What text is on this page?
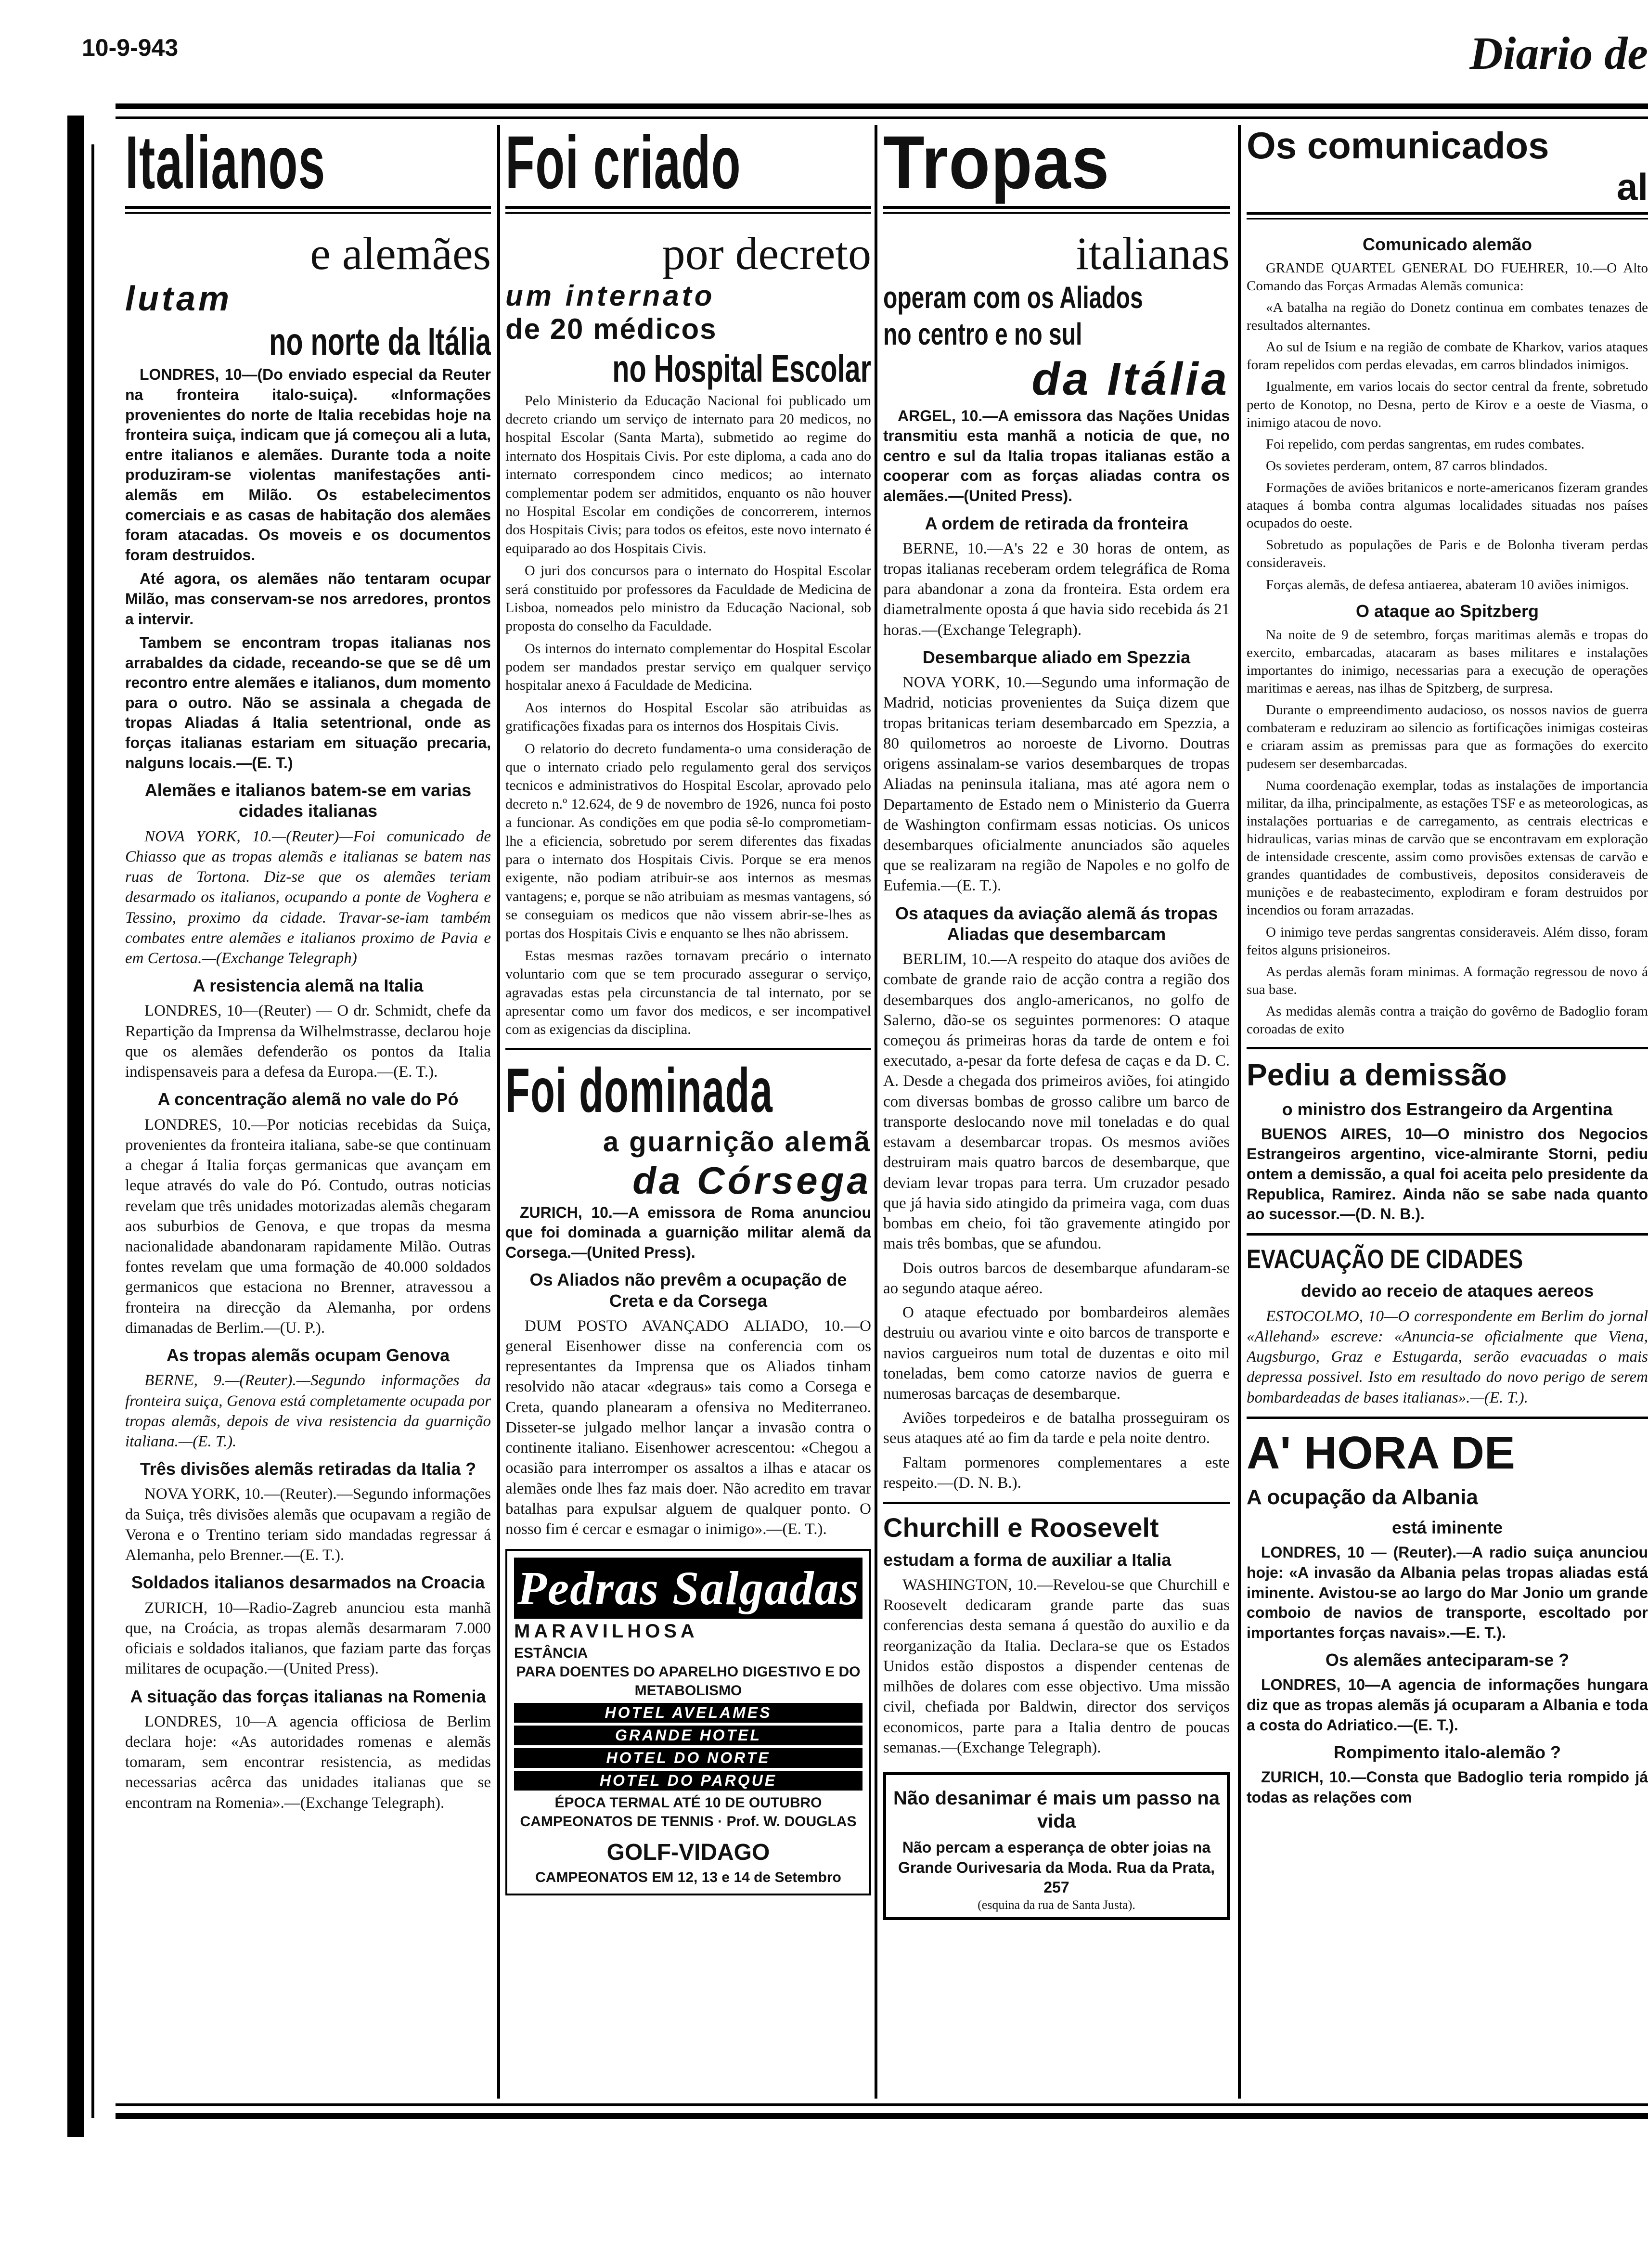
10-9-943	Diario de
Italianos
e alemães
lutam
no norte da Itália

LONDRES, 10—(Do enviado especial da Reuter na fronteira italo-suiça). «Informações provenientes do norte de Italia recebidas hoje na fronteira suiça, indicam que já começou ali a luta, entre italianos e alemães. Durante toda a noite produziram-se violentas manifestações anti-alemãs em Milão. Os estabelecimentos comerciais e as casas de habitação dos alemães foram atacadas. Os moveis e os documentos foram destruidos.

Até agora, os alemães não tentaram ocupar Milão, mas conservam-se nos arredores, prontos a intervir.

Tambem se encontram tropas italianas nos arrabaldes da cidade, receando-se que se dê um recontro entre alemães e italianos, dum momento para o outro. Não se assinala a chegada de tropas Aliadas á Italia setentrional, onde as forças italianas estariam em situação precaria, nalguns locais.—(E. T.)

Alemães e italianos batem-se em varias cidades italianas

NOVA YORK, 10.—(Reuter)—Foi comunicado de Chiasso que as tropas alemãs e italianas se batem nas ruas de Tortona. Diz-se que os alemães teriam desarmado os italianos, ocupando a ponte de Voghera e Tessino, proximo da cidade. Travar-se-iam também combates entre alemães e italianos proximo de Pavia e em Certosa.—(Exchange Telegraph)

A resistencia alemã na Italia

LONDRES, 10—(Reuter) — O dr. Schmidt, chefe da Repartição da Imprensa da Wilhelmstrasse, declarou hoje que os alemães defenderão os pontos da Italia indispensaveis para a defesa da Europa.—(E. T.).

A concentração alemã no vale do Pó

LONDRES, 10.—Por noticias recebidas da Suiça, provenientes da fronteira italiana, sabe-se que continuam a chegar á Italia forças germanicas que avançam em leque através do vale do Pó. Contudo, outras noticias revelam que três unidades motorizadas alemãs chegaram aos suburbios de Genova, e que tropas da mesma nacionalidade abandonaram rapidamente Milão. Outras fontes revelam que uma formação de 40.000 soldados germanicos que estaciona no Brenner, atravessou a fronteira na direcção da Alemanha, por ordens dimanadas de Berlim.—(U. P.).

As tropas alemãs ocupam Genova

BERNE, 9.—(Reuter).—Segundo informações da fronteira suiça, Genova está completamente ocupada por tropas alemãs, depois de viva resistencia da guarnição italiana.—(E. T.).

Três divisões alemãs retiradas da Italia ?

NOVA YORK, 10.—(Reuter).—Segundo informações da Suiça, três divisões alemãs que ocupavam a região de Verona e o Trentino teriam sido mandadas regressar á Alemanha, pelo Brenner.—(E. T.).

Soldados italianos desarmados na Croacia

ZURICH, 10—Radio-Zagreb anunciou esta manhã que, na Croácia, as tropas alemãs desarmaram 7.000 oficiais e soldados italianos, que faziam parte das forças militares de ocupação.—(United Press).

A situação das forças italianas na Romenia

LONDRES, 10—A agencia officiosa de Berlim declara hoje: «As autoridades romenas e alemãs tomaram, sem encontrar resistencia, as medidas necessarias acêrca das unidades italianas que se encontram na Romenia».—(Exchange Telegraph).

Foi criado
por decreto
um internato
de 20 médicos
no Hospital Escolar

Pelo Ministerio da Educação Nacional foi publicado um decreto criando um serviço de internato para 20 medicos, no hospital Escolar (Santa Marta), submetido ao regime do internato dos Hospitais Civis. Por este diploma, a cada ano do internato correspondem cinco medicos; ao internato complementar podem ser admitidos, enquanto os não houver no Hospital Escolar em condições de concorrerem, internos dos Hospitais Civis; para todos os efeitos, este novo internato é equiparado ao dos Hospitais Civis.

O juri dos concursos para o internato do Hospital Escolar será constituido por professores da Faculdade de Medicina de Lisboa, nomeados pelo ministro da Educação Nacional, sob proposta do conselho da Faculdade.

Os internos do internato complementar do Hospital Escolar podem ser mandados prestar serviço em qualquer serviço hospitalar anexo á Faculdade de Medicina.

Aos internos do Hospital Escolar são atribuidas as gratificações fixadas para os internos dos Hospitais Civis.

O relatorio do decreto fundamenta-o uma consideração de que o internato criado pelo regulamento geral dos serviços tecnicos e administrativos do Hospital Escolar, aprovado pelo decreto n.º 12.624, de 9 de novembro de 1926, nunca foi posto a funcionar. As condições em que podia sê-lo comprometiam-lhe a eficiencia, sobretudo por serem diferentes das fixadas para o internato dos Hospitais Civis. Porque se era menos exigente, não podiam atribuir-se aos internos as mesmas vantagens; e, porque se não atribuiam as mesmas vantagens, só se conseguiam os medicos que não vissem abrir-se-lhes as portas dos Hospitais Civis e enquanto se lhes não abrissem.

Estas mesmas razões tornavam precário o internato voluntario com que se tem procurado assegurar o serviço, agravadas estas pela circunstancia de tal internato, por se apresentar como um favor dos medicos, e ser incompativel com as exigencias da disciplina.

Foi dominada
a guarnição alemã
da Córsega

ZURICH, 10.—A emissora de Roma anunciou que foi dominada a guarnição militar alemã da Corsega.—(United Press).

Os Aliados não prevêm a ocupação de Creta e da Corsega

DUM POSTO AVANÇADO ALIADO, 10.—O general Eisenhower disse na conferencia com os representantes da Imprensa que os Aliados tinham resolvido não atacar «degraus» tais como a Corsega e Creta, quando planearam a ofensiva no Mediterraneo. Disseter-se julgado melhor lançar a invasão contra o continente italiano. Eisenhower acrescentou: «Chegou a ocasião para interromper os assaltos a ilhas e atacar os alemães onde lhes faz mais doer. Não acredito em travar batalhas para expulsar alguem de qualquer ponto. O nosso fim é cercar e esmagar o inimigo».—(E. T.).

Pedras Salgadas
MARAVILHOSA
ESTÂNCIA
PARA DOENTES DO APARELHO DIGESTIVO E DO METABOLISMO
HOTEL AVELAMES
GRANDE HOTEL
HOTEL DO NORTE
HOTEL DO PARQUE
ÉPOCA TERMAL ATÉ 10 DE OUTUBRO
CAMPEONATOS DE TENNIS · Prof. W. DOUGLAS
GOLF-VIDAGO
CAMPEONATOS EM 12, 13 e 14 de Setembro
Tropas
italianas
operam com os Aliados
no centro e no sul
da Itália

ARGEL, 10.—A emissora das Nações Unidas transmitiu esta manhã a noticia de que, no centro e sul da Italia tropas italianas estão a cooperar com as forças aliadas contra os alemães.—(United Press).

A ordem de retirada da fronteira

BERNE, 10.—A's 22 e 30 horas de ontem, as tropas italianas receberam ordem telegráfica de Roma para abandonar a zona da fronteira. Esta ordem era diametralmente oposta á que havia sido recebida ás 21 horas.—(Exchange Telegraph).

Desembarque aliado em Spezzia

NOVA YORK, 10.—Segundo uma informação de Madrid, noticias provenientes da Suiça dizem que tropas britanicas teriam desembarcado em Spezzia, a 80 quilometros ao noroeste de Livorno. Doutras origens assinalam-se varios desembarques de tropas Aliadas na peninsula italiana, mas até agora nem o Departamento de Estado nem o Ministerio da Guerra de Washington confirmam essas noticias. Os unicos desembarques oficialmente anunciados são aqueles que se realizaram na região de Napoles e no golfo de Eufemia.—(E. T.).

Os ataques da aviação alemã ás tropas Aliadas que desembarcam

BERLIM, 10.—A respeito do ataque dos aviões de combate de grande raio de acção contra a região dos desembarques dos anglo-americanos, no golfo de Salerno, dão-se os seguintes pormenores: O ataque começou ás primeiras horas da tarde de ontem e foi executado, a-pesar da forte defesa de caças e da D. C. A. Desde a chegada dos primeiros aviões, foi atingido com diversas bombas de grosso calibre um barco de transporte deslocando nove mil toneladas e do qual estavam a desembarcar tropas. Os mesmos aviões destruiram mais quatro barcos de desembarque, que deviam levar tropas para terra. Um cruzador pesado que já havia sido atingido da primeira vaga, com duas bombas em cheio, foi tão gravemente atingido por mais três bombas, que se afundou.

Dois outros barcos de desembarque afundaram-se ao segundo ataque aéreo.

O ataque efectuado por bombardeiros alemães destruiu ou avariou vinte e oito barcos de transporte e navios cargueiros num total de duzentas e oito mil toneladas, bem como catorze navios de guerra e numerosas barcaças de desembarque.

Aviões torpedeiros e de batalha prosseguiram os seus ataques até ao fim da tarde e pela noite dentro.

Faltam pormenores complementares a este respeito.—(D. N. B.).

Churchill e Roosevelt
estudam a forma de auxiliar a Italia

WASHINGTON, 10.—Revelou-se que Churchill e Roosevelt dedicaram grande parte das suas conferencias desta semana á questão do auxilio e da reorganização da Italia. Declara-se que os Estados Unidos estão dispostos a dispender centenas de milhões de dolares com esse objectivo. Uma missão civil, chefiada por Baldwin, director dos serviços economicos, parte para a Italia dentro de poucas semanas.—(Exchange Telegraph).

Não desanimar é mais um passo na vida
Não percam a esperança de obter joias na Grande Ourivesaria da Moda. Rua da Prata, 257
(esquina da rua de Santa Justa).
Os comunicados
al
Comunicado alemão

GRANDE QUARTEL GENERAL DO FUEHRER, 10.—O Alto Comando das Forças Armadas Alemãs comunica:

«A batalha na região do Donetz continua em combates tenazes de resultados alternantes.

Ao sul de Isium e na região de combate de Kharkov, varios ataques foram repelidos com perdas elevadas, em carros blindados inimigos.

Igualmente, em varios locais do sector central da frente, sobretudo perto de Konotop, no Desna, perto de Kirov e a oeste de Viasma, o inimigo atacou de novo.

Foi repelido, com perdas sangrentas, em rudes combates.

Os sovietes perderam, ontem, 87 carros blindados.

Formações de aviões britanicos e norte-americanos fizeram grandes ataques á bomba contra algumas localidades situadas nos países ocupados do oeste.

Sobretudo as populações de Paris e de Bolonha tiveram perdas consideraveis.

Forças alemãs, de defesa antiaerea, abateram 10 aviões inimigos.

O ataque ao Spitzberg

Na noite de 9 de setembro, forças maritimas alemãs e tropas do exercito, embarcadas, atacaram as bases militares e instalações importantes do inimigo, necessarias para a execução de operações maritimas e aereas, nas ilhas de Spitzberg, de surpresa.

Durante o empreendimento audacioso, os nossos navios de guerra combateram e reduziram ao silencio as fortificações inimigas costeiras e criaram assim as premissas para que as formações do exercito pudesem ser desembarcadas.

Numa coordenação exemplar, todas as instalações de importancia militar, da ilha, principalmente, as estações TSF e as meteorologicas, as instalações portuarias e de carregamento, as centrais electricas e hidraulicas, varias minas de carvão que se encontravam em exploração de intensidade crescente, assim como provisões extensas de carvão e grandes quantidades de combustiveis, depositos consideraveis de munições e de reabastecimento, explodiram e foram destruidos por incendios ou foram arrazadas.

O inimigo teve perdas sangrentas consideraveis. Além disso, foram feitos alguns prisioneiros.

As perdas alemãs foram minimas. A formação regressou de novo á sua base.

As medidas alemãs contra a traição do govêrno de Badoglio foram coroadas de exito

Pediu a demissão
o ministro dos Estrangeiro da Argentina

BUENOS AIRES, 10—O ministro dos Negocios Estrangeiros argentino, vice-almirante Storni, pediu ontem a demissão, a qual foi aceita pelo presidente da Republica, Ramirez. Ainda não se sabe nada quanto ao sucessor.—(D. N. B.).

EVACUAÇÃO DE CIDADES
devido ao receio de ataques aereos

ESTOCOLMO, 10—O correspondente em Berlim do jornal «Allehand» escreve: «Anuncia-se oficialmente que Viena, Augsburgo, Graz e Estugarda, serão evacuadas o mais depressa possivel. Isto em resultado do novo perigo de serem bombardeadas de bases italianas».—(E. T.).

A' HORA DE
A ocupação da Albania
está iminente

LONDRES, 10 — (Reuter).—A radio suiça anunciou hoje: «A invasão da Albania pelas tropas aliadas está iminente. Avistou-se ao largo do Mar Jonio um grande comboio de navios de transporte, escoltado por importantes forças navais».—E. T.).

Os alemães anteciparam-se ?

LONDRES, 10—A agencia de informações hungara diz que as tropas alemãs já ocuparam a Albania e toda a costa do Adriatico.—(E. T.).

Rompimento italo-alemão ?

ZURICH, 10.—Consta que Badoglio teria rompido já todas as relações com
